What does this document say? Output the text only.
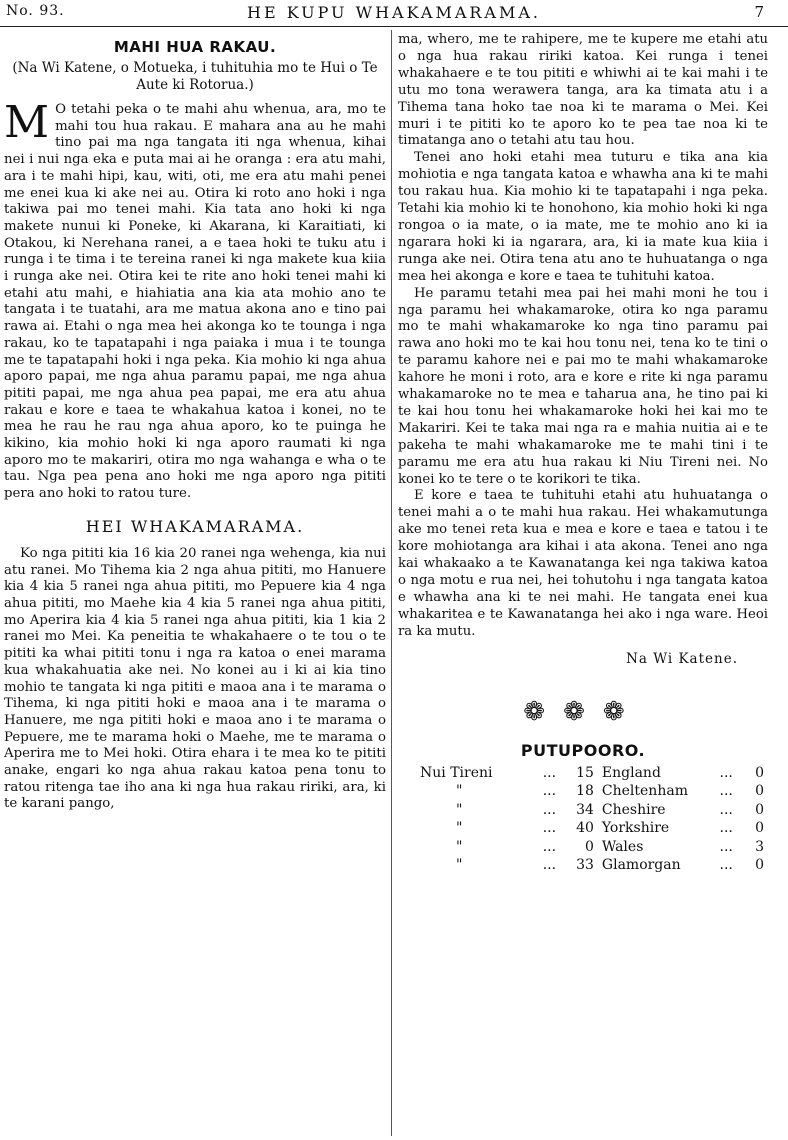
No. 93.	HE KUPU WHAKAMARAMA.	7
MAHI HUA RAKAU.
(Na Wi Katene, o Motueka, i tuhituhia mo te Hui o Te Aute ki Rotorua.)

M O tetahi peka o te mahi ahu whenua, ara, mo te mahi tou hua rakau. E mahara ana au he mahi tino pai ma nga tangata iti nga whenua, kihai nei i nui nga eka e puta mai ai he oranga : era atu mahi, ara i te mahi hipi, kau, witi, oti, me era atu mahi penei me enei kua ki ake nei au. Otira ki roto ano hoki i nga takiwa pai mo tenei mahi. Kia tata ano hoki ki nga makete nunui ki Poneke, ki Akarana, ki Karaitiati, ki Otakou, ki Nerehana ranei, a e taea hoki te tuku atu i runga i te tima i te tereina ranei ki nga makete kua kiia i runga ake nei. Otira kei te rite ano hoki tenei mahi ki etahi atu mahi, e hiahiatia ana kia ata mohio ano te tangata i te tuatahi, ara me matua akona ano e tino pai rawa ai. Etahi o nga mea hei akonga ko te tounga i nga rakau, ko te tapatapahi i nga paiaka i mua i te tounga me te tapatapahi hoki i nga peka. Kia mohio ki nga ahua aporo papai, me nga ahua paramu papai, me nga ahua pititi papai, me nga ahua pea papai, me era atu ahua rakau e kore e taea te whakahua katoa i konei, no te mea he rau he rau nga ahua aporo, ko te puinga he kikino, kia mohio hoki ki nga aporo raumati ki nga aporo mo te makariri, otira mo nga wahanga e wha o te tau. Nga pea pena ano hoki me nga aporo nga pititi pera ano hoki to ratou ture.

HEI WHAKAMARAMA.

Ko nga pititi kia 16 kia 20 ranei nga wehenga, kia nui atu ranei. Mo Tihema kia 2 nga ahua pititi, mo Hanuere kia 4 kia 5 ranei nga ahua pititi, mo Pepuere kia 4 nga ahua pititi, mo Maehe kia 4 kia 5 ranei nga ahua pititi, mo Aperira kia 4 kia 5 ranei nga ahua pititi, kia 1 kia 2 ranei mo Mei. Ka peneitia te whakahaere o te tou o te pititi ka whai pititi tonu i nga ra katoa o enei marama kua whakahuatia ake nei. No konei au i ki ai kia tino mohio te tangata ki nga pititi e maoa ana i te marama o Tihema, ki nga pititi hoki e maoa ana i te marama o Hanuere, me nga pititi hoki e maoa ano i te marama o Pepuere, me te marama hoki o Maehe, me te marama o Aperira me to Mei hoki. Otira ehara i te mea ko te pititi anake, engari ko nga ahua rakau katoa pena tonu to ratou ritenga tae iho ana ki nga hua rakau ririki, ara, ki te karani pango,

ma, whero, me te rahipere, me te kupere me etahi atu o nga hua rakau ririki katoa. Kei runga i tenei whakahaere e te tou pititi e whiwhi ai te kai mahi i te utu mo tona werawera tanga, ara ka timata atu i a Tihema tana hoko tae noa ki te marama o Mei. Kei muri i te pititi ko te aporo ko te pea tae noa ki te timatanga ano o tetahi atu tau hou.

Tenei ano hoki etahi mea tuturu e tika ana kia mohiotia e nga tangata katoa e whawha ana ki te mahi tou rakau hua. Kia mohio ki te tapatapahi i nga peka. Tetahi kia mohio ki te honohono, kia mohio hoki ki nga rongoa o ia mate, o ia mate, me te mohio ano ki ia ngarara hoki ki ia ngarara, ara, ki ia mate kua kiia i runga ake nei. Otira tena atu ano te huhuatanga o nga mea hei akonga e kore e taea te tuhituhi katoa.

He paramu tetahi mea pai hei mahi moni he tou i nga paramu hei whakamaroke, otira ko nga paramu mo te mahi whakamaroke ko nga tino paramu pai rawa ano hoki mo te kai hou tonu nei, tena ko te tini o te paramu kahore nei e pai mo te mahi whakamaroke kahore he moni i roto, ara e kore e rite ki nga paramu whakamaroke no te mea e taharua ana, he tino pai ki te kai hou tonu hei whakamaroke hoki hei kai mo te Makariri. Kei te taka mai nga ra e mahia nuitia ai e te pakeha te mahi whakamaroke me te mahi tini i te paramu me era atu hua rakau ki Niu Tireni nei. No konei ko te tere o te korikori te tika.

E kore e taea te tuhituhi etahi atu huhuatanga o tenei mahi a o te mahi hua rakau. Hei whakamutunga ake mo tenei reta kua e mea e kore e taea e tatou i te kore mohiotanga ara kihai i ata akona. Tenei ano nga kai whakaako a te Kawanatanga kei nga takiwa katoa o nga motu e rua nei, hei tohutohu i nga tangata katoa e whawha ana ki te nei mahi. He tangata enei kua whakaritea e te Kawanatanga hei ako i nga ware. Heoi ra ka mutu.

Na Wi Katene.
❁❁❁
PUTUPOORO.
Nui Tireni	...	15	England	...	0
"	...	18	Cheltenham	...	0
"	...	34	Cheshire	...	0
"	...	40	Yorkshire	...	0
"	...	0	Wales	...	3
"	...	33	Glamorgan	...	0
